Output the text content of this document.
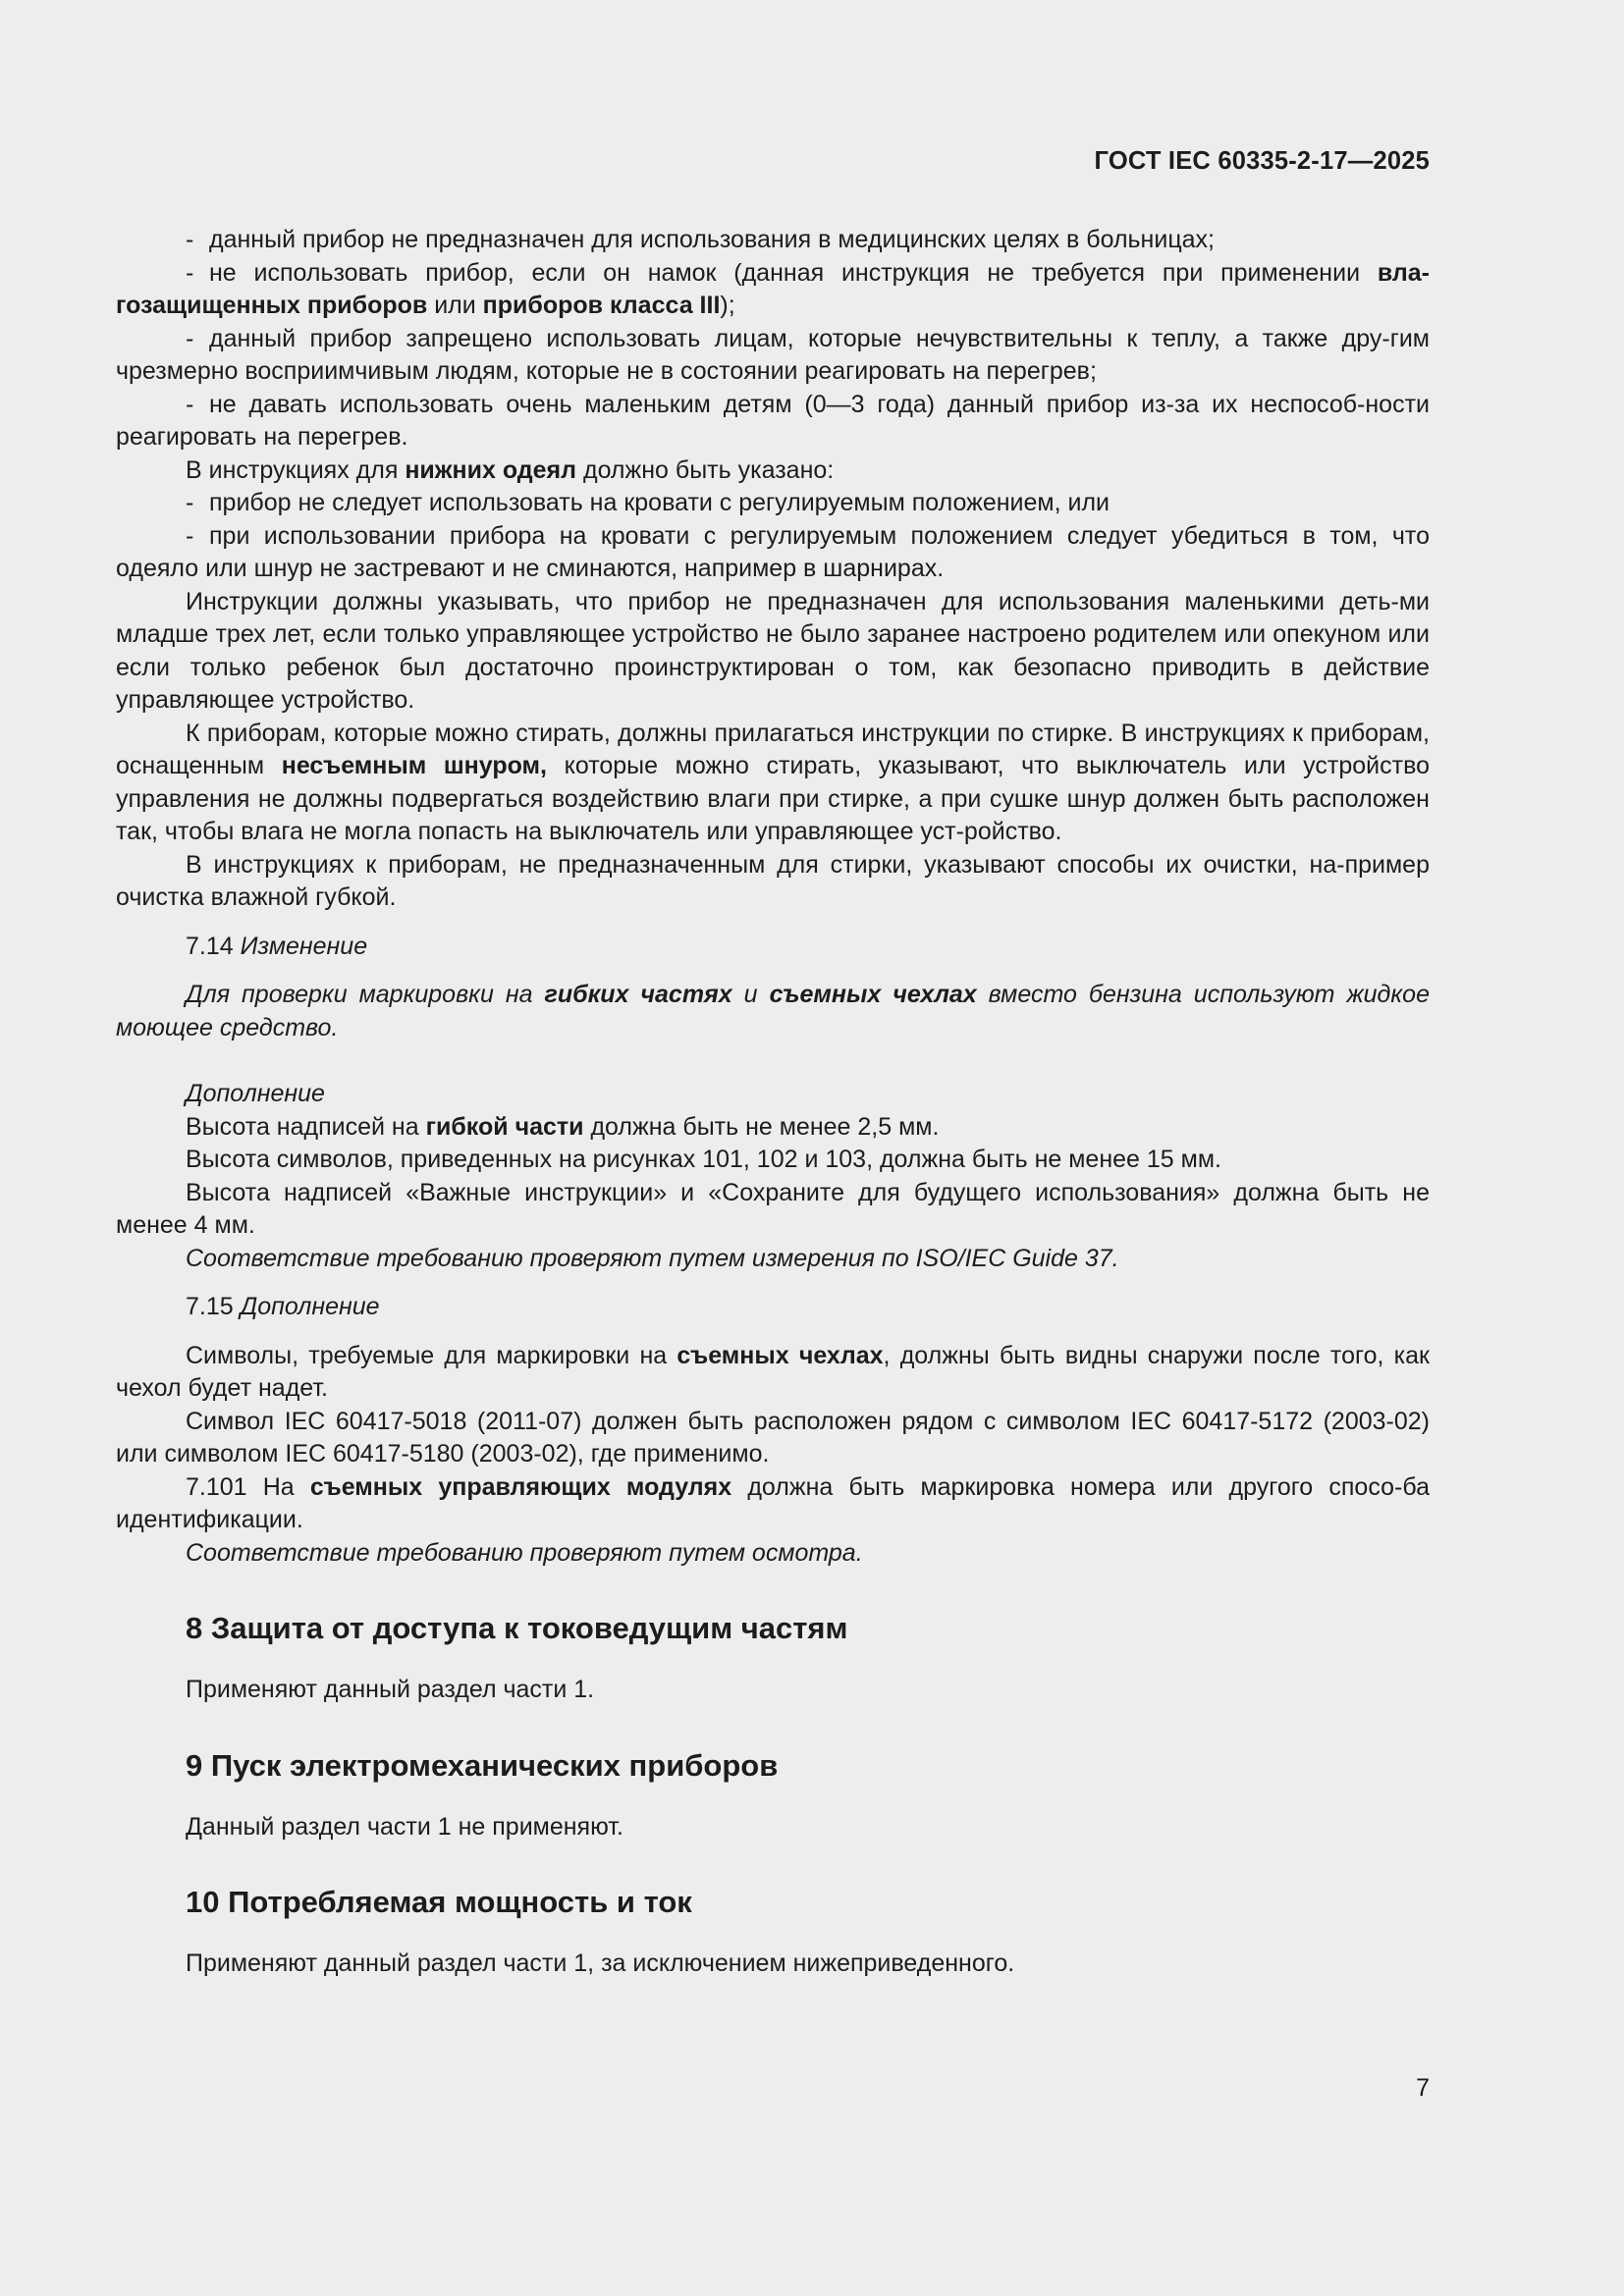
ГОСТ IEC 60335-2-17—2025

- данный прибор не предназначен для использования в медицинских целях в больницах;

- не использовать прибор, если он намок (данная инструкция не требуется при применении вла-гозащищенных приборов или приборов класса III);

- данный прибор запрещено использовать лицам, которые нечувствительны к теплу, а также дру-гим чрезмерно восприимчивым людям, которые не в состоянии реагировать на перегрев;

- не давать использовать очень маленьким детям (0—3 года) данный прибор из-за их неспособ-ности реагировать на перегрев.

В инструкциях для нижних одеял должно быть указано:

- прибор не следует использовать на кровати с регулируемым положением, или

- при использовании прибора на кровати с регулируемым положением следует убедиться в том, что одеяло или шнур не застревают и не сминаются, например в шарнирах.

Инструкции должны указывать, что прибор не предназначен для использования маленькими деть-ми младше трех лет, если только управляющее устройство не было заранее настроено родителем или опекуном или если только ребенок был достаточно проинструктирован о том, как безопасно приводить в действие управляющее устройство.

К приборам, которые можно стирать, должны прилагаться инструкции по стирке. В инструкциях к приборам, оснащенным несъемным шнуром, которые можно стирать, указывают, что выключатель или устройство управления не должны подвергаться воздействию влаги при стирке, а при сушке шнур должен быть расположен так, чтобы влага не могла попасть на выключатель или управляющее уст-ройство.

В инструкциях к приборам, не предназначенным для стирки, указывают способы их очистки, на-пример очистка влажной губкой.

7.14 Изменение

Для проверки маркировки на гибких частях и съемных чехлах вместо бензина используют жидкое моющее средство.

Дополнение

Высота надписей на гибкой части должна быть не менее 2,5 мм.

Высота символов, приведенных на рисунках 101, 102 и 103, должна быть не менее 15 мм.

Высота надписей «Важные инструкции» и «Сохраните для будущего использования» должна быть не менее 4 мм.

Соответствие требованию проверяют путем измерения по ISO/IEC Guide 37.

7.15 Дополнение

Символы, требуемые для маркировки на съемных чехлах, должны быть видны снаружи после того, как чехол будет надет.

Символ IEC 60417-5018 (2011-07) должен быть расположен рядом с символом IEC 60417-5172 (2003-02) или символом IEC 60417-5180 (2003-02), где применимо.

7.101 На съемных управляющих модулях должна быть маркировка номера или другого спосо-ба идентификации.

Соответствие требованию проверяют путем осмотра.

8 Защита от доступа к токоведущим частям

Применяют данный раздел части 1.

9 Пуск электромеханических приборов

Данный раздел части 1 не применяют.

10 Потребляемая мощность и ток

Применяют данный раздел части 1, за исключением нижеприведенного.

7
